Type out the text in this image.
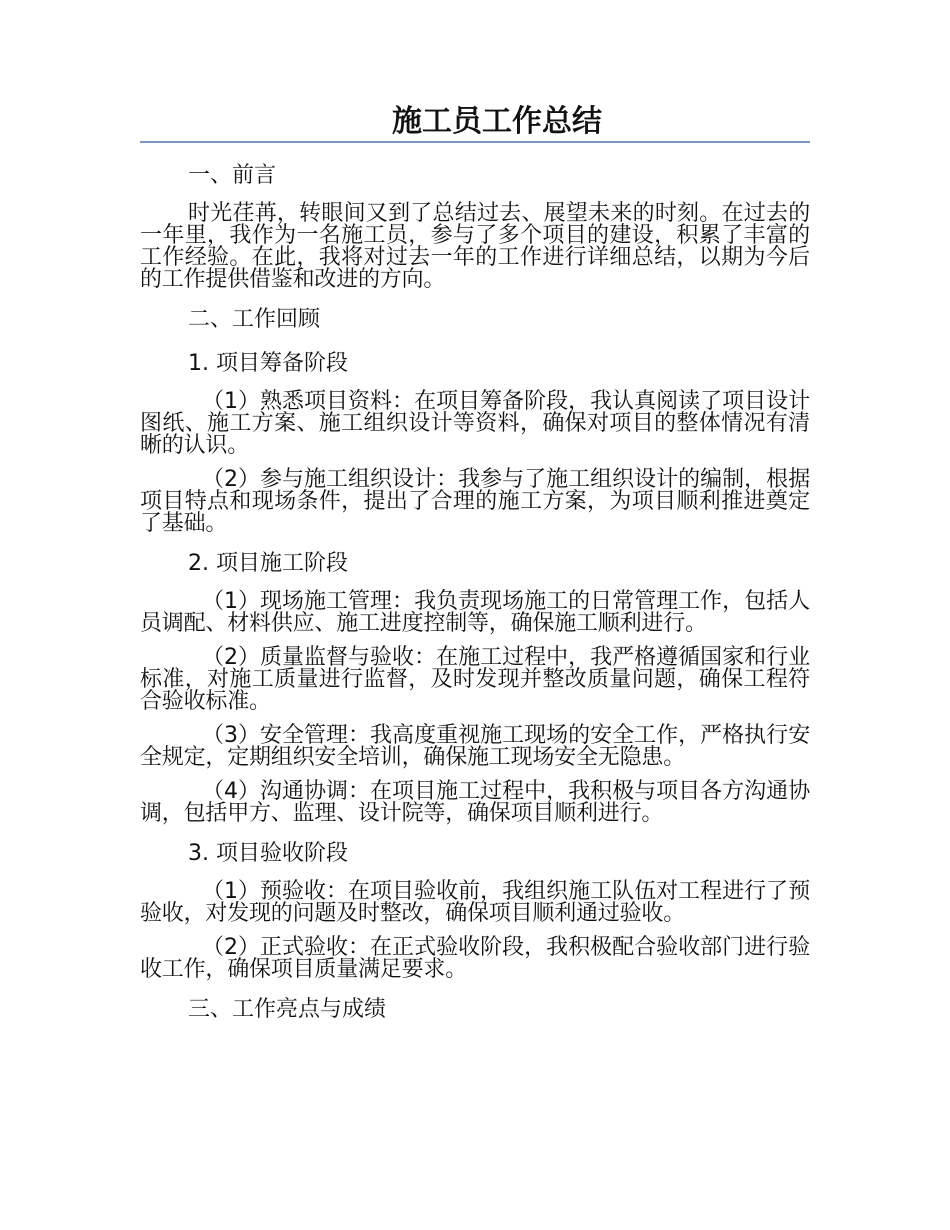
施工员工作总结
一、前言

时光荏苒，转眼间又到了总结过去、展望未来的时刻。在过去的一年里，我作为一名施工员，参与了多个项目的建设，积累了丰富的工作经验。在此，我将对过去一年的工作进行详细总结，以期为今后的工作提供借鉴和改进的方向。

二、工作回顾
1. 项目筹备阶段

（1）熟悉项目资料：在项目筹备阶段，我认真阅读了项目设计图纸、施工方案、施工组织设计等资料，确保对项目的整体情况有清晰的认识。

（2）参与施工组织设计：我参与了施工组织设计的编制，根据项目特点和现场条件，提出了合理的施工方案，为项目顺利推进奠定了基础。

2. 项目施工阶段

（1）现场施工管理：我负责现场施工的日常管理工作，包括人员调配、材料供应、施工进度控制等，确保施工顺利进行。

（2）质量监督与验收：在施工过程中，我严格遵循国家和行业标准，对施工质量进行监督，及时发现并整改质量问题，确保工程符合验收标准。

（3）安全管理：我高度重视施工现场的安全工作，严格执行安全规定，定期组织安全培训，确保施工现场安全无隐患。

（4）沟通协调：在项目施工过程中，我积极与项目各方沟通协调，包括甲方、监理、设计院等，确保项目顺利进行。

3. 项目验收阶段

（1）预验收：在项目验收前，我组织施工队伍对工程进行了预验收，对发现的问题及时整改，确保项目顺利通过验收。

（2）正式验收：在正式验收阶段，我积极配合验收部门进行验收工作，确保项目质量满足要求。

三、工作亮点与成绩
